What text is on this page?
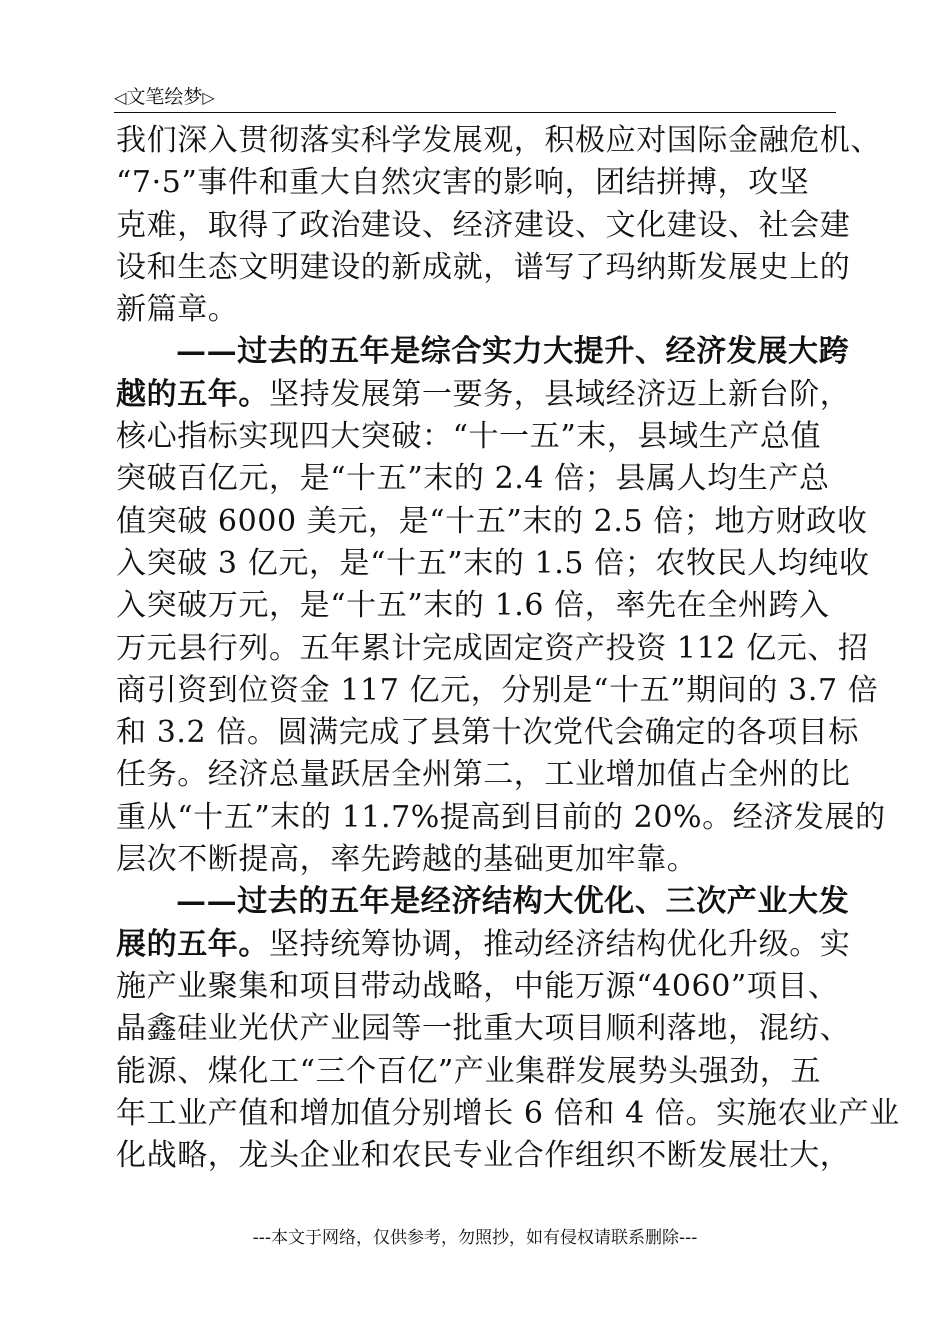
◁文笔绘梦▷
我们深入贯彻落实科学发展观，积极应对国际金融危机、
“7·5”事件和重大自然灾害的影响，团结拼搏，攻坚
克难，取得了政治建设、经济建设、文化建设、社会建
设和生态文明建设的新成就，谱写了玛纳斯发展史上的
新篇章。
——过去的五年是综合实力大提升、经济发展大跨
越的五年。坚持发展第一要务，县域经济迈上新台阶，
核心指标实现四大突破：“十一五”末，县域生产总值
突破百亿元，是“十五”末的 2.4 倍；县属人均生产总
值突破 6000 美元，是“十五”末的 2.5 倍；地方财政收
入突破 3 亿元，是“十五”末的 1.5 倍；农牧民人均纯收
入突破万元，是“十五”末的 1.6 倍，率先在全州跨入
万元县行列。五年累计完成固定资产投资 112 亿元、招
商引资到位资金 117 亿元，分别是“十五”期间的 3.7 倍
和 3.2 倍。圆满完成了县第十次党代会确定的各项目标
任务。经济总量跃居全州第二，工业增加值占全州的比
重从“十五”末的 11.7%提高到目前的 20%。经济发展的
层次不断提高，率先跨越的基础更加牢靠。
——过去的五年是经济结构大优化、三次产业大发
展的五年。坚持统筹协调，推动经济结构优化升级。实
施产业聚集和项目带动战略，中能万源“4060”项目、
晶鑫硅业光伏产业园等一批重大项目顺利落地，混纺、
能源、煤化工“三个百亿”产业集群发展势头强劲，五
年工业产值和增加值分别增长 6 倍和 4 倍。实施农业产业
化战略，龙头企业和农民专业合作组织不断发展壮大，
---本文于网络，仅供参考，勿照抄，如有侵权请联系删除---
